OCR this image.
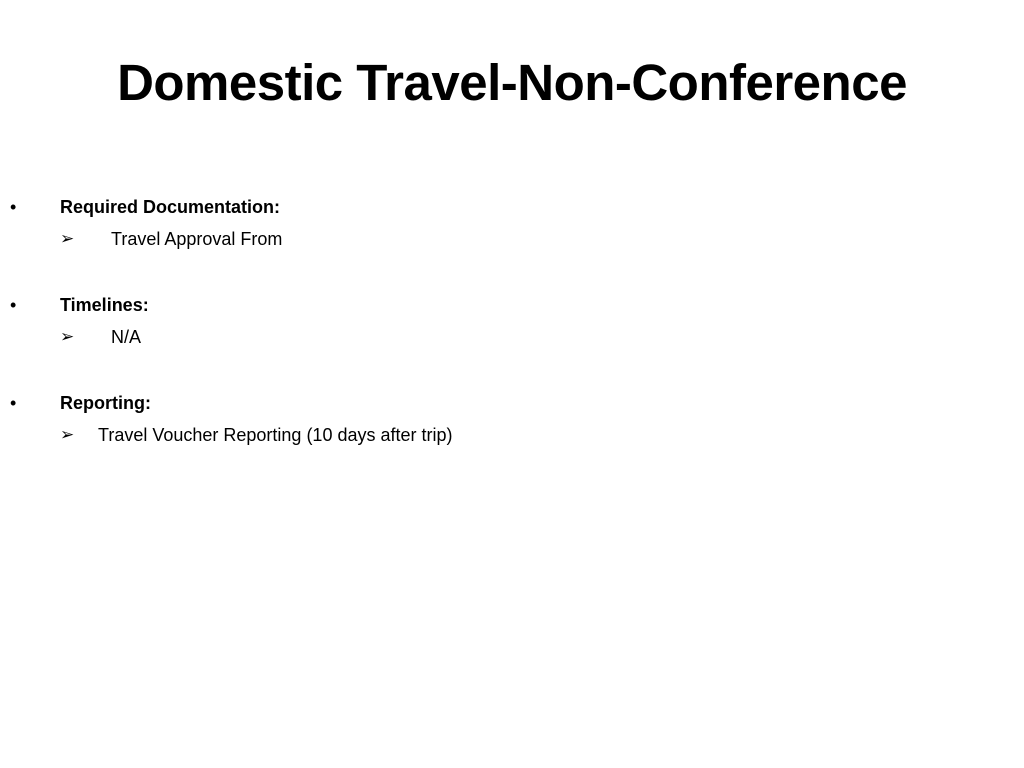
Domestic Travel-Non-Conference
• Required Documentation:
➢ Travel Approval From
• Timelines:
➢ N/A
• Reporting:
➢ Travel Voucher Reporting (10 days after trip)
